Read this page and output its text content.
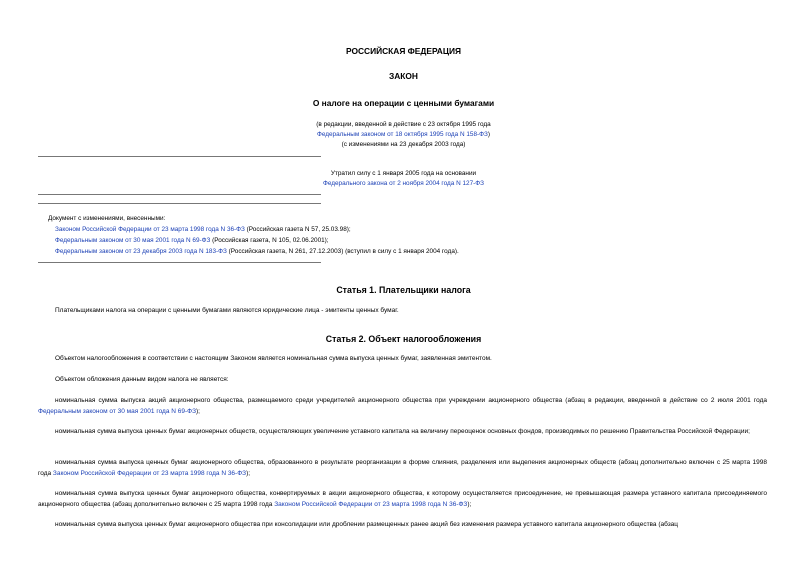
РОССИЙСКАЯ ФЕДЕРАЦИЯ
ЗАКОН
О налоге на операции с ценными бумагами
(в редакции, введенной в действие с 23 октября 1995 года
Федеральным законом от 18 октября 1995 года N 158-ФЗ)
(с изменениями на 23 декабря 2003 года)
Утратил силу с 1 января 2005 года на основании
Федерального закона от 2 ноября 2004 года N 127-ФЗ
Документ с изменениями, внесенными:
Законом Российской Федерации от 23 марта 1998 года N 36-ФЗ (Российская газета N 57, 25.03.98);
Федеральным законом от 30 мая 2001 года N 69-ФЗ (Российская газета, N 105, 02.06.2001);
Федеральным законом от 23 декабря 2003 года N 183-ФЗ (Российская газета, N 261, 27.12.2003) (вступил в силу с 1 января 2004 года).
Статья 1. Плательщики налога
Плательщиками налога на операции с ценными бумагами являются юридические лица - эмитенты ценных бумаг.
Статья 2. Объект налогообложения
Объектом налогообложения в соответствии с настоящим Законом является номинальная сумма выпуска ценных бумаг, заявленная эмитентом.
Объектом обложения данным видом налога не является:
номинальная сумма выпуска акций акционерного общества, размещаемого среди учредителей акционерного общества при учреждении акционерного общества (абзац в редакции, введенной в действие со 2 июля 2001 года Федеральным законом от 30 мая 2001 года N 69-ФЗ);
номинальная сумма выпуска ценных бумаг акционерных обществ, осуществляющих увеличение уставного капитала на величину переоценок основных фондов, производимых по решению Правительства Российской Федерации;
номинальная сумма выпуска ценных бумаг акционерного общества, образованного в результате реорганизации в форме слияния, разделения или выделения акционерных обществ (абзац дополнительно включен с 25 марта 1998 года Законом Российской Федерации от 23 марта 1998 года N 36-ФЗ);
номинальная сумма выпуска ценных бумаг акционерного общества, конвертируемых в акции акционерного общества, к которому осуществляется присоединение, не превышающая размера уставного капитала присоединяемого акционерного общества (абзац дополнительно включен с 25 марта 1998 года Законом Российской Федерации от 23 марта 1998 года N 36-ФЗ);
номинальная сумма выпуска ценных бумаг акционерного общества при консолидации или дроблении размещенных ранее акций без изменения размера уставного капитала акционерного общества (абзац
